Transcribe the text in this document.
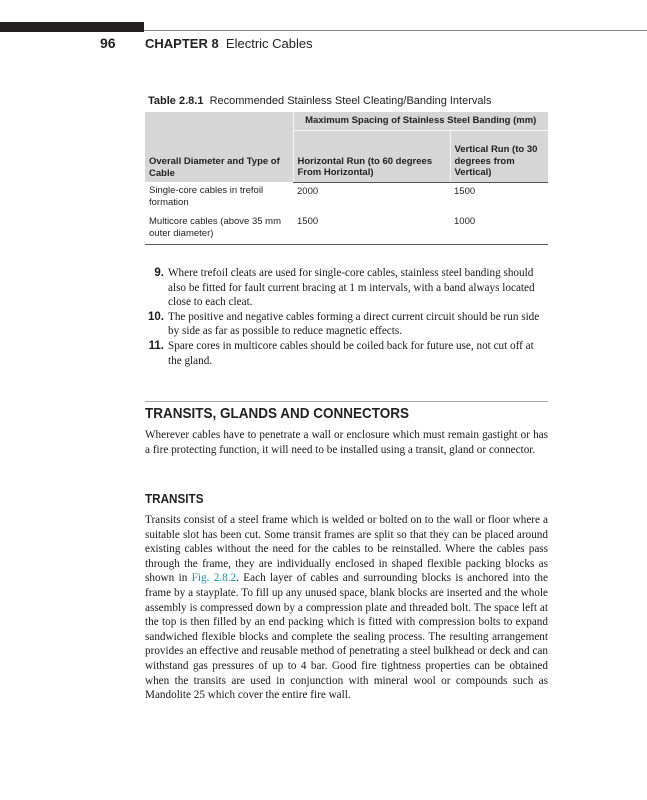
96 CHAPTER 8 Electric Cables
Table 2.8.1 Recommended Stainless Steel Cleating/Banding Intervals
Overall Diameter and Type of Cable	Maximum Spacing of Stainless Steel Banding (mm)	
	Horizontal Run (to 60 degrees From Horizontal)	Vertical Run (to 30 degrees from Vertical)
Single-core cables in trefoil formation	2000	1500
Multicore cables (above 35 mm outer diameter)	1500	1000
9. Where trefoil cleats are used for single-core cables, stainless steel banding should also be fitted for fault current bracing at 1 m intervals, with a band always located close to each cleat.
10. The positive and negative cables forming a direct current circuit should be run side by side as far as possible to reduce magnetic effects.
11. Spare cores in multicore cables should be coiled back for future use, not cut off at the gland.
TRANSITS, GLANDS AND CONNECTORS

Wherever cables have to penetrate a wall or enclosure which must remain gastight or has a fire protecting function, it will need to be installed using a transit, gland or connector.

TRANSITS

Transits consist of a steel frame which is welded or bolted on to the wall or floor where a suitable slot has been cut. Some transit frames are split so that they can be placed around existing cables without the need for the cables to be reinstalled. Where the cables pass through the frame, they are individually enclosed in shaped flexible packing blocks as shown in Fig. 2.8.2. Each layer of cables and surrounding blocks is anchored into the frame by a stayplate. To fill up any unused space, blank blocks are inserted and the whole assembly is compressed down by a compression plate and threaded bolt. The space left at the top is then filled by an end packing which is fitted with compression bolts to expand sandwiched flexible blocks and complete the sealing process. The resulting arrangement provides an effective and reusable method of penetrating a steel bulkhead or deck and can withstand gas pressures of up to 4 bar. Good fire tightness properties can be obtained when the transits are used in conjunction with mineral wool or compounds such as Mandolite 25 which cover the entire fire wall.
